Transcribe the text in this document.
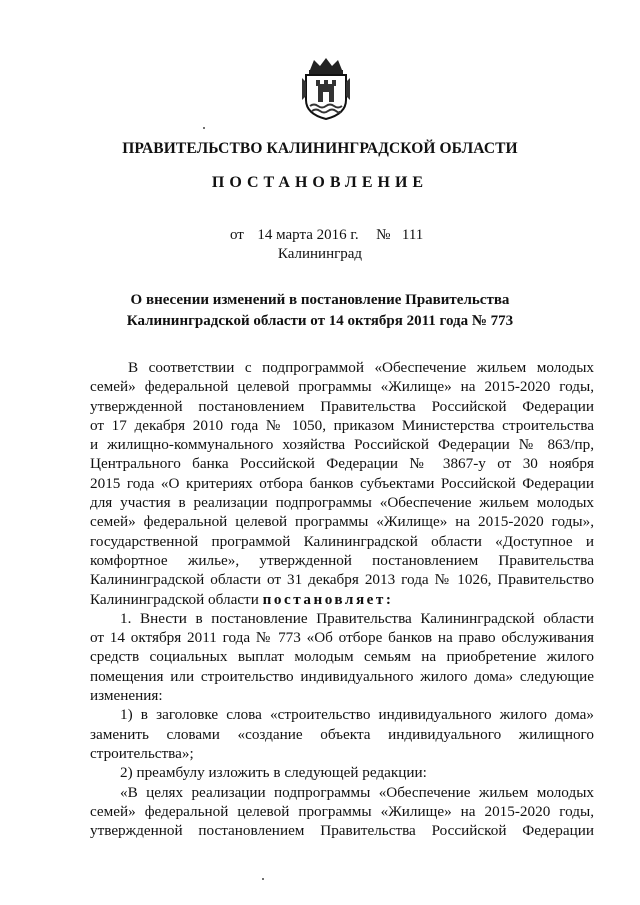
ПРАВИТЕЛЬСТВО КАЛИНИНГРАДСКОЙ ОБЛАСТИ
ПОСТАНОВЛЕНИЕ
от 14 марта 2016 г. № 111
Калининград
О внесении изменений в постановление Правительства
Калининградской области от 14 октября 2011 года № 773
В соответствии с подпрограммой «Обеспечение жильем молодых
семей» федеральной целевой программы «Жилище» на 2015-2020 годы,
утвержденной постановлением Правительства Российской Федерации
от 17 декабря 2010 года № 1050, приказом Министерства строительства
и жилищно-коммунального хозяйства Российской Федерации № 863/пр,
Центрального банка Российской Федерации № 3867-у от 30 ноября
2015 года «О критериях отбора банков субъектами Российской Федерации
для участия в реализации подпрограммы «Обеспечение жильем молодых
семей» федеральной целевой программы «Жилище» на 2015-2020 годы»,
государственной программой Калининградской области «Доступное и
комфортное жилье», утвержденной постановлением Правительства
Калининградской области от 31 декабря 2013 года № 1026, Правительство
Калининградской области постановляет:
1. Внести в постановление Правительства Калининградской области
от 14 октября 2011 года № 773 «Об отборе банков на право обслуживания
средств социальных выплат молодым семьям на приобретение жилого
помещения или строительство индивидуального жилого дома» следующие
изменения:
1) в заголовке слова «строительство индивидуального жилого дома»
заменить словами «создание объекта индивидуального жилищного
строительства»;
2) преамбулу изложить в следующей редакции:
«В целях реализации подпрограммы «Обеспечение жильем молодых
семей» федеральной целевой программы «Жилище» на 2015-2020 годы,
утвержденной постановлением Правительства Российской Федерации
